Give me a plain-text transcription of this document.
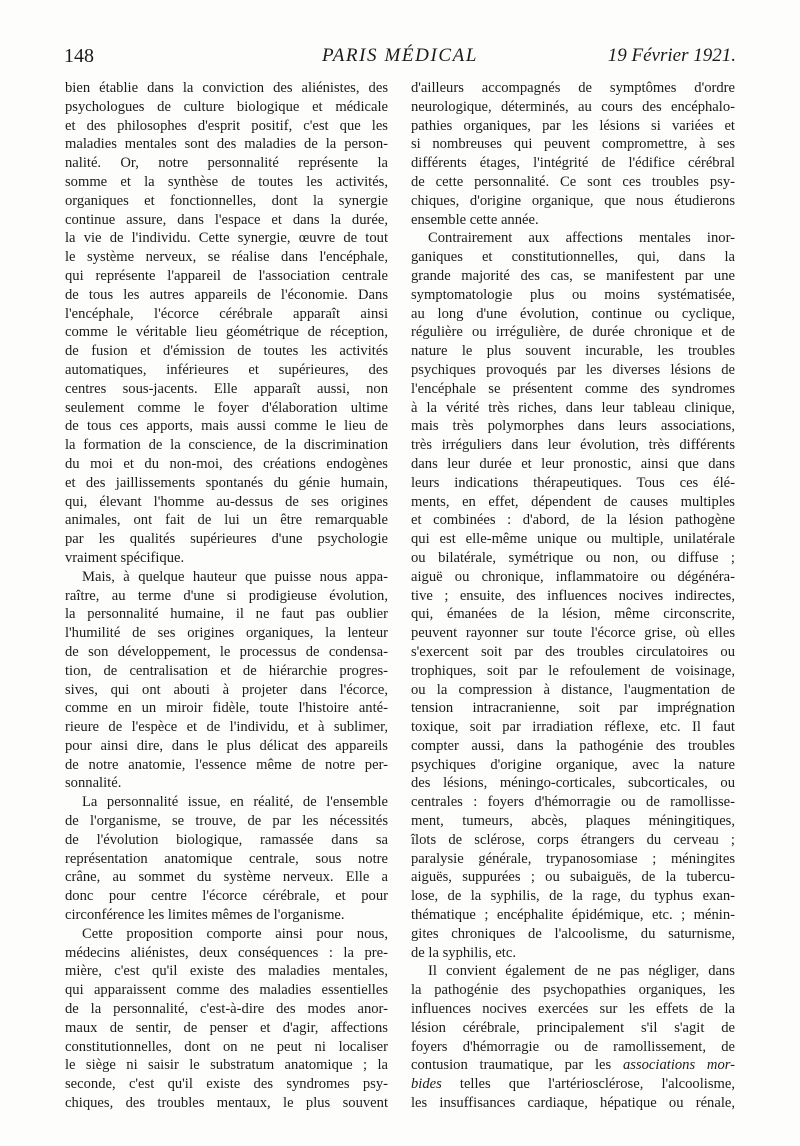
148	PARIS MÉDICAL	19 Février 1921.
bien établie dans la conviction des aliénistes, des
psychologues de culture biologique et médicale
et des philosophes d'esprit positif, c'est que les
maladies mentales sont des maladies de la person-
nalité. Or, notre personnalité représente la
somme et la synthèse de toutes les activités,
organiques et fonctionnelles, dont la synergie
continue assure, dans l'espace et dans la durée,
la vie de l'individu. Cette synergie, œuvre de tout
le système nerveux, se réalise dans l'encéphale,
qui représente l'appareil de l'association centrale
de tous les autres appareils de l'économie. Dans
l'encéphale, l'écorce cérébrale apparaît ainsi
comme le véritable lieu géométrique de réception,
de fusion et d'émission de toutes les activités
automatiques, inférieures et supérieures, des
centres sous-jacents. Elle apparaît aussi, non
seulement comme le foyer d'élaboration ultime
de tous ces apports, mais aussi comme le lieu de
la formation de la conscience, de la discrimination
du moi et du non-moi, des créations endogènes
et des jaillissements spontanés du génie humain,
qui, élevant l'homme au-dessus de ses origines
animales, ont fait de lui un être remarquable
par les qualités supérieures d'une psychologie
vraiment spécifique.
Mais, à quelque hauteur que puisse nous appa-
raître, au terme d'une si prodigieuse évolution,
la personnalité humaine, il ne faut pas oublier
l'humilité de ses origines organiques, la lenteur
de son développement, le processus de condensa-
tion, de centralisation et de hiérarchie progres-
sives, qui ont abouti à projeter dans l'écorce,
comme en un miroir fidèle, toute l'histoire anté-
rieure de l'espèce et de l'individu, et à sublimer,
pour ainsi dire, dans le plus délicat des appareils
de notre anatomie, l'essence même de notre per-
sonnalité.
La personnalité issue, en réalité, de l'ensemble
de l'organisme, se trouve, de par les nécessités
de l'évolution biologique, ramassée dans sa
représentation anatomique centrale, sous notre
crâne, au sommet du système nerveux. Elle a
donc pour centre l'écorce cérébrale, et pour
circonférence les limites mêmes de l'organisme.
Cette proposition comporte ainsi pour nous,
médecins aliénistes, deux conséquences : la pre-
mière, c'est qu'il existe des maladies mentales,
qui apparaissent comme des maladies essentielles
de la personnalité, c'est-à-dire des modes anor-
maux de sentir, de penser et d'agir, affections
constitutionnelles, dont on ne peut ni localiser
le siège ni saisir le substratum anatomique ; la
seconde, c'est qu'il existe des syndromes psy-
chiques, des troubles mentaux, le plus souvent
d'ailleurs accompagnés de symptômes d'ordre
neurologique, déterminés, au cours des encéphalo-
pathies organiques, par les lésions si variées et
si nombreuses qui peuvent compromettre, à ses
différents étages, l'intégrité de l'édifice cérébral
de cette personnalité. Ce sont ces troubles psy-
chiques, d'origine organique, que nous étudierons
ensemble cette année.
Contrairement aux affections mentales inor-
ganiques et constitutionnelles, qui, dans la
grande majorité des cas, se manifestent par une
symptomatologie plus ou moins systématisée,
au long d'une évolution, continue ou cyclique,
régulière ou irrégulière, de durée chronique et de
nature le plus souvent incurable, les troubles
psychiques provoqués par les diverses lésions de
l'encéphale se présentent comme des syndromes
à la vérité très riches, dans leur tableau clinique,
mais très polymorphes dans leurs associations,
très irréguliers dans leur évolution, très différents
dans leur durée et leur pronostic, ainsi que dans
leurs indications thérapeutiques. Tous ces élé-
ments, en effet, dépendent de causes multiples
et combinées : d'abord, de la lésion pathogène
qui est elle-même unique ou multiple, unilatérale
ou bilatérale, symétrique ou non, ou diffuse ;
aiguë ou chronique, inflammatoire ou dégénéra-
tive ; ensuite, des influences nocives indirectes,
qui, émanées de la lésion, même circonscrite,
peuvent rayonner sur toute l'écorce grise, où elles
s'exercent soit par des troubles circulatoires ou
trophiques, soit par le refoulement de voisinage,
ou la compression à distance, l'augmentation de
tension intracranienne, soit par imprégnation
toxique, soit par irradiation réflexe, etc. Il faut
compter aussi, dans la pathogénie des troubles
psychiques d'origine organique, avec la nature
des lésions, méningo-corticales, subcorticales, ou
centrales : foyers d'hémorragie ou de ramollisse-
ment, tumeurs, abcès, plaques méningitiques,
îlots de sclérose, corps étrangers du cerveau ;
paralysie générale, trypanosomiase ; méningites
aiguës, suppurées ; ou subaiguës, de la tubercu-
lose, de la syphilis, de la rage, du typhus exan-
thématique ; encéphalite épidémique, etc. ; ménin-
gites chroniques de l'alcoolisme, du saturnisme,
de la syphilis, etc.
Il convient également de ne pas négliger, dans
la pathogénie des psychopathies organiques, les
influences nocives exercées sur les effets de la
lésion cérébrale, principalement s'il s'agit de
foyers d'hémorragie ou de ramollissement, de
contusion traumatique, par les associations mor-
bides telles que l'artériosclérose, l'alcoolisme,
les insuffisances cardiaque, hépatique ou rénale,
